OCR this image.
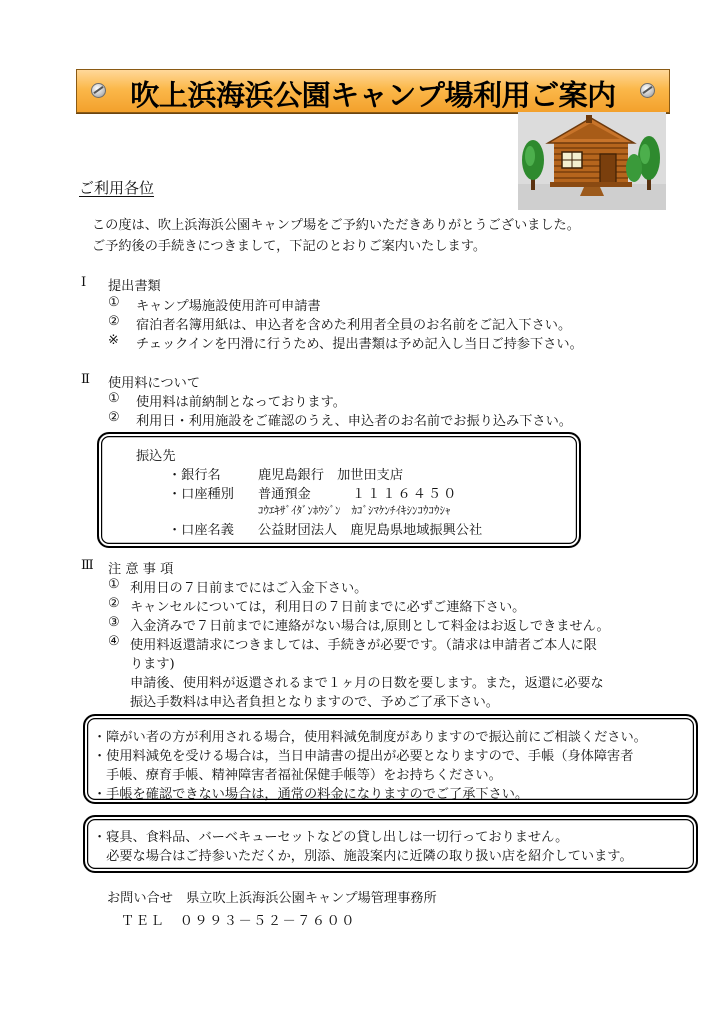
吹上浜海浜公園キャンプ場利用ご案内
ご利用各位
この度は、吹上浜海浜公園キャンプ場をご予約いただきありがとうございました。
ご予約後の手続きにつきまして，下記のとおりご案内いたします。
Ⅰ 提出書類
① キャンプ場施設使用許可申請書
② 宿泊者名簿用紙は、申込者を含めた利用者全員のお名前をご記入下さい。
※ チェックインを円滑に行うため、提出書類は予め記入し当日ご持参下さい。
Ⅱ 使用料について
① 使用料は前納制となっております。
② 利用日・利用施設をご確認のうえ、申込者のお名前でお振り込み下さい。
振込先
・銀行名	鹿児島銀行　加世田支店
・口座種別 普通預金	１１１６４５０
ｺｳｴｷｻﾞｲﾀﾞﾝﾎｳｼﾞﾝ　ｶｺﾞｼﾏｹﾝﾁｲｷｼﾝｺｳｺｳｼｬ
・口座名義 公益財団法人　鹿児島県地域振興公社
Ⅲ 注 意 事 項
① 利用日の７日前までにはご入金下さい。
② キャンセルについては，利用日の７日前までに必ずご連絡下さい。
③ 入金済みで７日前までに連絡がない場合は,原則として料金はお返しできません。
④ 使用料返還請求につきましては、手続きが必要です。（請求は申請者ご本人に限
ります)
申請後、使用料が返還されるまで１ヶ月の日数を要します。また，返還に必要な
振込手数料は申込者負担となりますので、予めご了承下さい。
・障がい者の方が利用される場合，使用料減免制度がありますので振込前にご相談ください。
・使用料減免を受ける場合は，当日申請書の提出が必要となりますので、手帳（身体障害者
　手帳、療育手帳、精神障害者福祉保健手帳等）をお持ちください。
・手帳を確認できない場合は，通常の料金になりますのでご了承下さい。
・寝具、食料品、バーベキューセットなどの貸し出しは一切行っておりません。
　必要な場合はご持参いただくか，別添、施設案内に近隣の取り扱い店を紹介しています。
お問い合せ　県立吹上浜海浜公園キャンプ場管理事務所
ＴＥＬ　０９９３－５２－７６００
